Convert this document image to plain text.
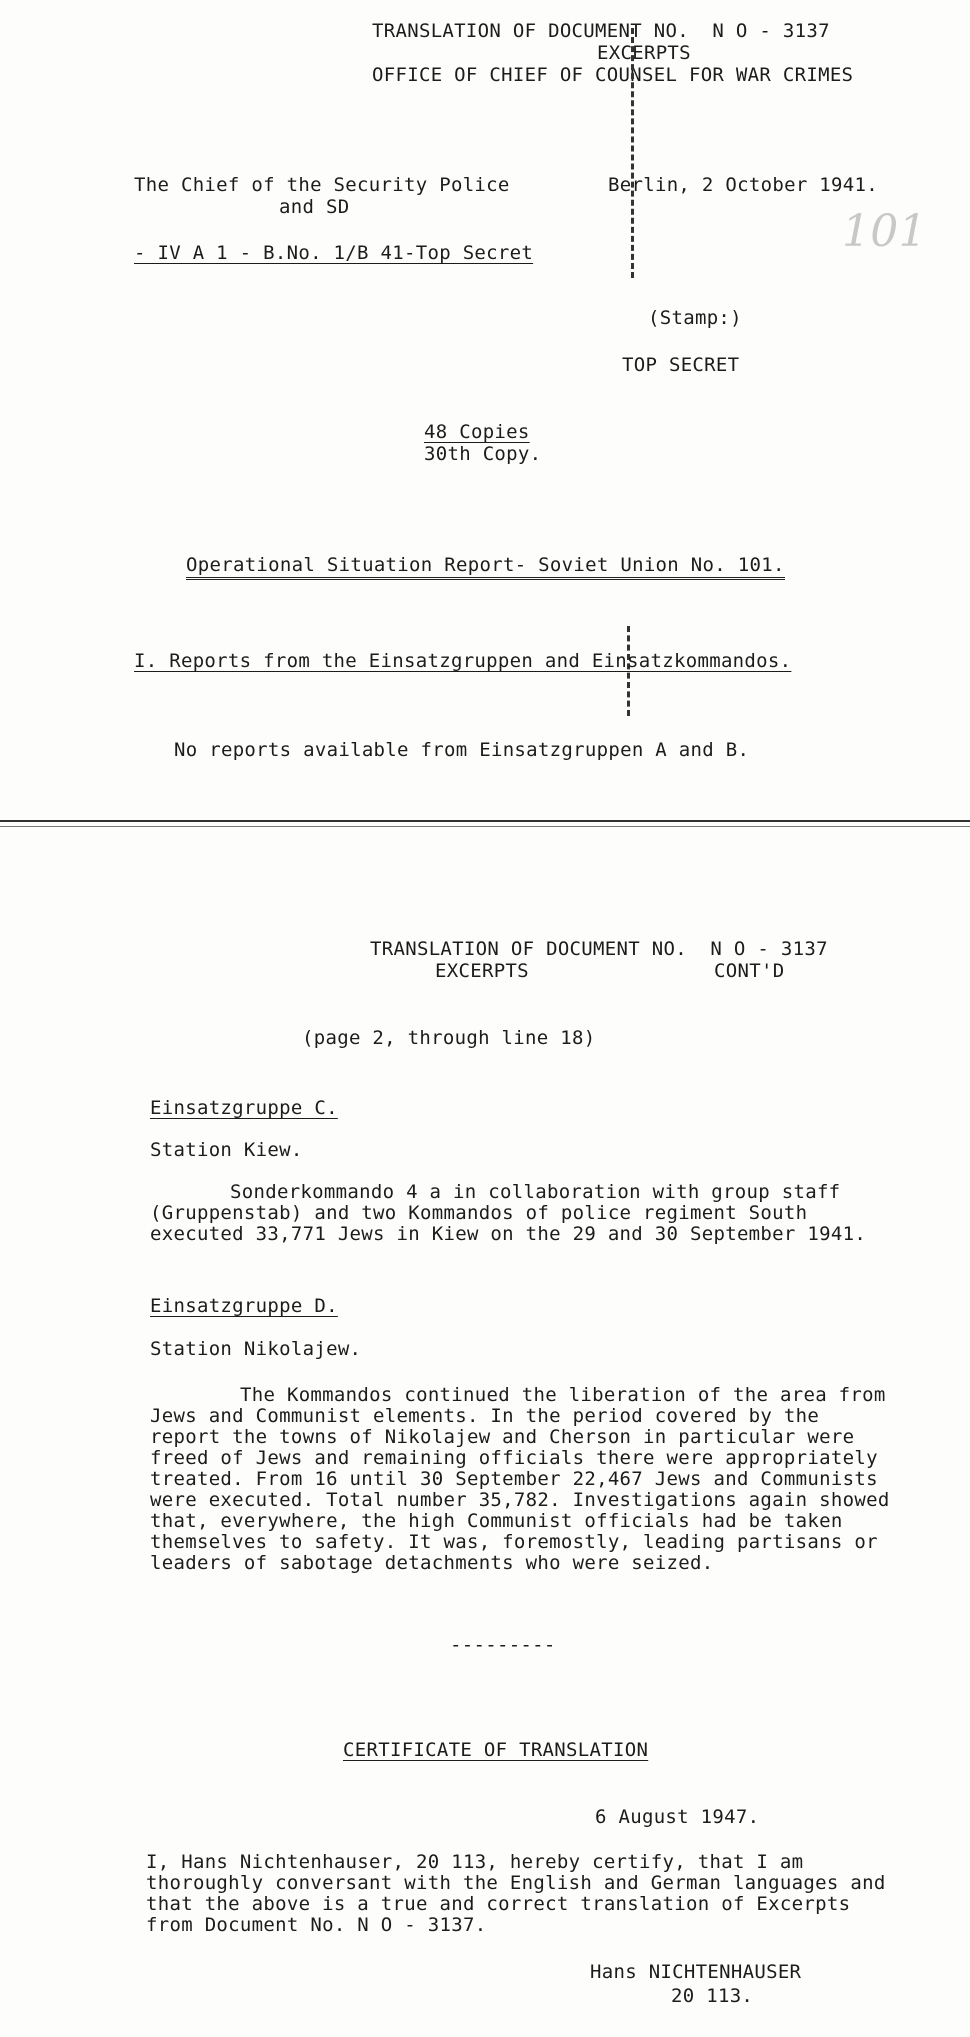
TRANSLATION OF DOCUMENT NO.  N O - 3137
EXCERPTS
OFFICE OF CHIEF OF COUNSEL FOR WAR CRIMES
The Chief of the Security Police
and SD
Berlin, 2 October 1941.
101
- IV A 1 - B.No. 1/B 41-Top Secret
(Stamp:)
TOP SECRET
48 Copies
30th Copy.
Operational Situation Report- Soviet Union No. 101.
I. Reports from the Einsatzgruppen and Einsatzkommandos.
No reports available from Einsatzgruppen A and B.
TRANSLATION OF DOCUMENT NO.  N O - 3137
EXCERPTS	CONT'D
(page 2, through line 18)
Einsatzgruppe C.
Station Kiew.
Sonderkommando 4 a in collaboration with group staff (Gruppenstab) and two Kommandos of police regiment South executed 33,771 Jews in Kiew on the 29 and 30 September 1941.
Einsatzgruppe D.
Station Nikolajew.
The Kommandos continued the liberation of the area from Jews and Communist elements. In the period covered by the report the towns of Nikolajew and Cherson in particular were freed of Jews and remaining officials there were appropriately treated. From 16 until 30 September 22,467 Jews and Communists were executed. Total number 35,782. Investigations again showed that, everywhere, the high Communist officials had be taken themselves to safety. It was, foremostly, leading partisans or leaders of sabotage detachments who were seized.
---------
CERTIFICATE OF TRANSLATION
6 August 1947.
I, Hans Nichtenhauser, 20 113, hereby certify, that I am thoroughly conversant with the English and German languages and that the above is a true and correct translation of Excerpts from Document No. N O - 3137.
Hans NICHTENHAUSER
20 113.
